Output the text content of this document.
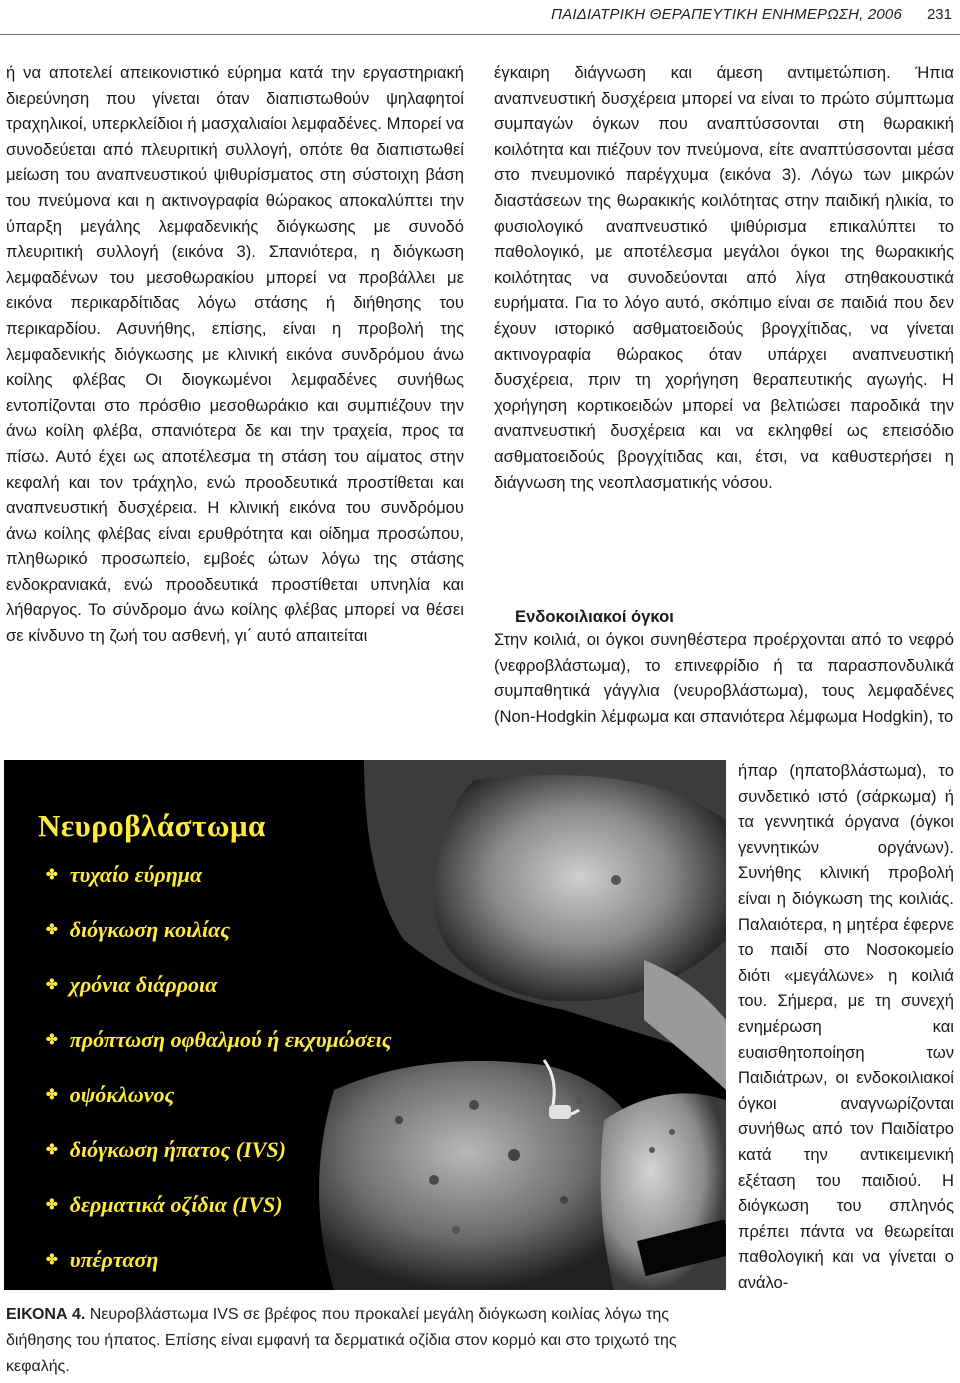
ΠΑΙΔΙΑΤΡΙΚΗ ΘΕΡΑΠΕΥΤΙΚΗ ΕΝΗΜΕΡΩΣΗ, 2006 231

ή να αποτελεί απεικονιστικό εύρημα κατά την εργαστηριακή διερεύνηση που γίνεται όταν διαπιστωθούν ψηλαφητοί τραχηλικοί, υπερκλείδιοι ή μασχαλιαίοι λεμφαδένες. Μπορεί να συνοδεύεται από πλευριτική συλλογή, οπότε θα διαπιστωθεί μείωση του αναπνευστικού ψιθυρίσματος στη σύστοιχη βάση του πνεύμονα και η ακτινογραφία θώρακος αποκαλύπτει την ύπαρξη μεγάλης λεμφαδενικής διόγκωσης με συνοδό πλευριτική συλλογή (εικόνα 3). Σπανιότερα, η διόγκωση λεμφαδένων του μεσοθωρακίου μπορεί να προβάλλει με εικόνα περικαρδίτιδας λόγω στάσης ή διήθησης του περικαρδίου. Ασυνήθης, επίσης, είναι η προβολή της λεμφαδενικής διόγκωσης με κλινική εικόνα συνδρόμου άνω κοίλης φλέβας Οι διογκωμένοι λεμφαδένες συνήθως εντοπίζονται στο πρόσθιο μεσοθωράκιο και συμπιέζουν την άνω κοίλη φλέβα, σπανιότερα δε και την τραχεία, προς τα πίσω. Αυτό έχει ως αποτέλεσμα τη στάση του αίματος στην κεφαλή και τον τράχηλο, ενώ προοδευτικά προστίθεται και αναπνευστική δυσχέρεια. Η κλινική εικόνα του συνδρόμου άνω κοίλης φλέβας είναι ερυθρότητα και οίδημα προσώπου, πληθωρικό προσωπείο, εμβοές ώτων λόγω της στάσης ενδοκρανιακά, ενώ προοδευτικά προστίθεται υπνηλία και λήθαργος. Το σύνδρομο άνω κοίλης φλέβας μπορεί να θέσει σε κίνδυνο τη ζωή του ασθενή, γι΄ αυτό απαιτείται

έγκαιρη διάγνωση και άμεση αντιμετώπιση. Ήπια αναπνευστική δυσχέρεια μπορεί να είναι το πρώτο σύμπτωμα συμπαγών όγκων που αναπτύσσονται στη θωρακική κοιλότητα και πιέζουν τον πνεύμονα, είτε αναπτύσσονται μέσα στο πνευμονικό παρέγχυμα (εικόνα 3). Λόγω των μικρών διαστάσεων της θωρακικής κοιλότητας στην παιδική ηλικία, το φυσιολογικό αναπνευστικό ψιθύρισμα επικαλύπτει το παθολογικό, με αποτέλεσμα μεγάλοι όγκοι της θωρακικής κοιλότητας να συνοδεύονται από λίγα στηθακουστικά ευρήματα. Για το λόγο αυτό, σκόπιμο είναι σε παιδιά που δεν έχουν ιστορικό ασθματοειδούς βρογχίτιδας, να γίνεται ακτινογραφία θώρακος όταν υπάρχει αναπνευστική δυσχέρεια, πριν τη χορήγηση θεραπευτικής αγωγής. Η χορήγηση κορτικοειδών μπορεί να βελτιώσει παροδικά την αναπνευστική δυσχέρεια και να εκληφθεί ως επεισόδιο ασθματοειδούς βρογχίτιδας και, έτσι, να καθυστερήσει η διάγνωση της νεοπλασματικής νόσου.

Ενδοκοιλιακοί όγκοι

Στην κοιλιά, οι όγκοι συνηθέστερα προέρχονται από το νεφρό (νεφροβλάστωμα), το επινεφρίδιο ή τα παρασπονδυλικά συμπαθητικά γάγγλια (νευροβλάστωμα), τους λεμφαδένες (Non-Hodgkin λέμφωμα και σπανιότερα λέμφωμα Hodgkin), το

ήπαρ (ηπατοβλάστωμα), το συνδετικό ιστό (σάρκωμα) ή τα γεννητικά όργανα (όγκοι γεννητικών οργάνων). Συνήθης κλινική προβολή είναι η διόγκωση της κοιλιάς. Παλαιότερα, η μητέρα έφερνε το παιδί στο Νοσοκομείο διότι «μεγάλωνε» η κοιλιά του. Σήμερα, με τη συνεχή ενημέρωση και ευαισθητοποίηση των Παιδιάτρων, οι ενδοκοιλιακοί όγκοι αναγνωρίζονται συνήθως από τον Παιδίατρο κατά την αντικειμενική εξέταση του παιδιού. Η διόγκωση του σπληνός πρέπει πάντα να θεωρείται παθολογική και να γίνεται ο ανάλο-

Νευροβλάστωμα
✤ τυχαίο εύρημα
✤ διόγκωση κοιλίας
✤ χρόνια διάρροια
✤ πρόπτωση οφθαλμού ή εκχυμώσεις
✤ οψόκλωνος
✤ διόγκωση ήπατος (IVS)
✤ δερματικά οζίδια (IVS)
✤ υπέρταση

ΕΙΚΟΝΑ 4. Νευροβλάστωμα IVS σε βρέφος που προκαλεί μεγάλη διόγκωση κοιλίας λόγω της διήθησης του ήπατος. Επίσης είναι εμφανή τα δερματικά οζίδια στον κορμό και στο τριχωτό της κεφαλής.
